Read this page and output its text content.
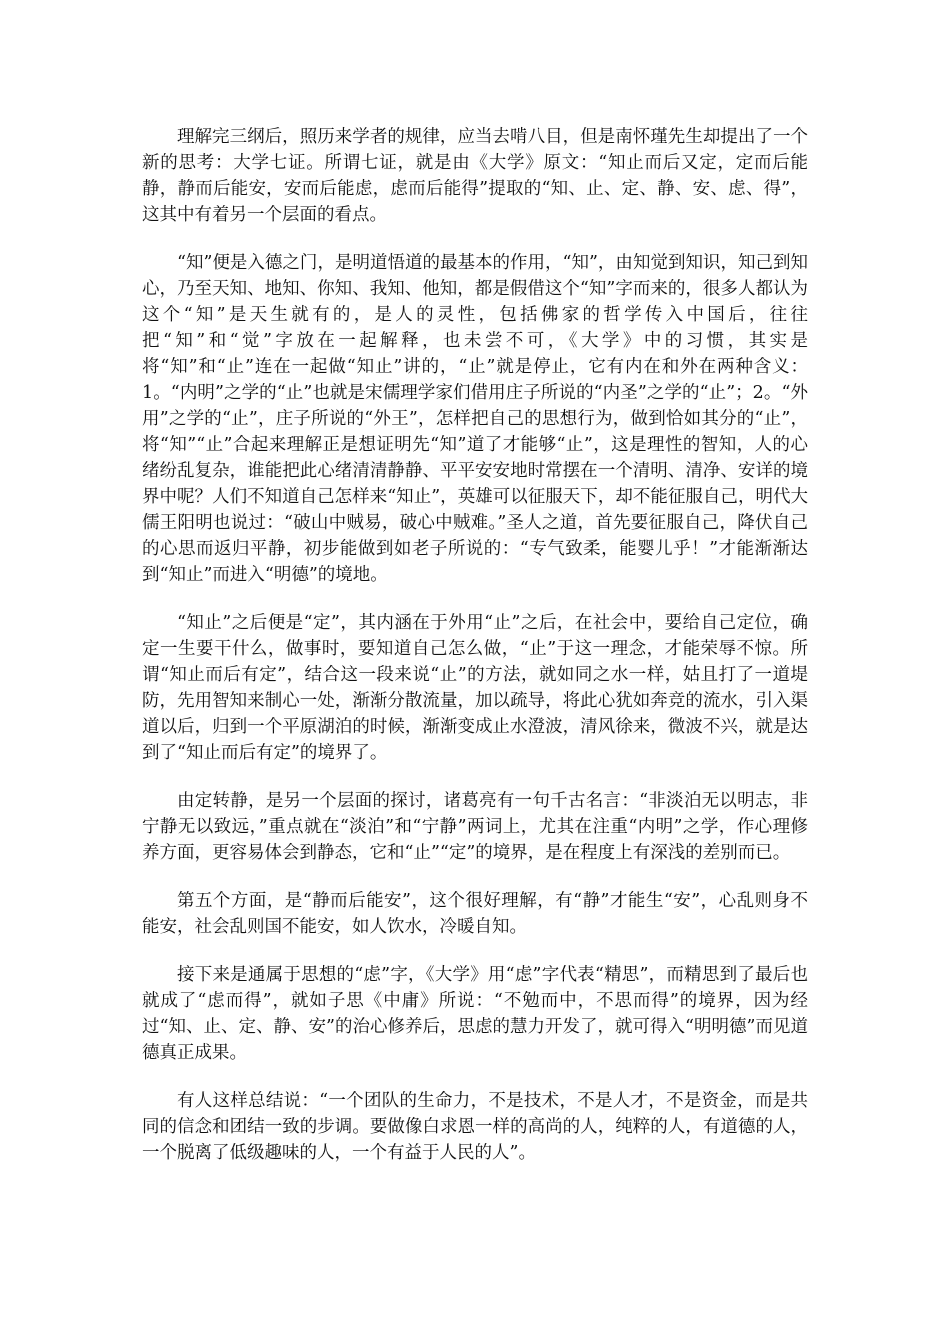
理解完三纲后，照历来学者的规律，应当去啃八目，但是南怀瑾先生却提出了一个新的思考：大学七证。所谓七证，就是由《大学》原文：“知止而后又定，定而后能静，静而后能安，安而后能虑，虑而后能得”提取的“知、止、定、静、安、虑、得”，这其中有着另一个层面的看点。

“知”便是入德之门，是明道悟道的最基本的作用，“知”，由知觉到知识，知己到知心，乃至天知、地知、你知、我知、他知，都是假借这个“知”字而来的，很多人都认为这个“知”是天生就有的，是人的灵性，包括佛家的哲学传入中国后，往往把“知”和“觉”字放在一起解释，也未尝不可，《大学》中的习惯，其实是将“知”和“止”连在一起做“知止”讲的，“止”就是停止，它有内在和外在两种含义：1。“内明”之学的“止”也就是宋儒理学家们借用庄子所说的“内圣”之学的“止”；2。“外用”之学的“止”，庄子所说的“外王”，怎样把自己的思想行为，做到恰如其分的“止”，将“知”“止”合起来理解正是想证明先“知”道了才能够“止”，这是理性的智知，人的心绪纷乱复杂，谁能把此心绪清清静静、平平安安地时常摆在一个清明、清净、安详的境界中呢？人们不知道自己怎样来“知止”，英雄可以征服天下，却不能征服自己，明代大儒王阳明也说过：“破山中贼易，破心中贼难。”圣人之道，首先要征服自己，降伏自己的心思而返归平静，初步能做到如老子所说的：“专气致柔，能婴儿乎！”才能渐渐达到“知止”而进入“明德”的境地。

“知止”之后便是“定”，其内涵在于外用“止”之后，在社会中，要给自己定位，确定一生要干什么，做事时，要知道自己怎么做，“止”于这一理念，才能荣辱不惊。所谓“知止而后有定”，结合这一段来说“止”的方法，就如同之水一样，姑且打了一道堤防，先用智知来制心一处，渐渐分散流量，加以疏导，将此心犹如奔竞的流水，引入渠道以后，归到一个平原湖泊的时候，渐渐变成止水澄波，清风徐来，微波不兴，就是达到了“知止而后有定”的境界了。

由定转静，是另一个层面的探讨，诸葛亮有一句千古名言：“非淡泊无以明志，非宁静无以致远，”重点就在“淡泊”和“宁静”两词上，尤其在注重“内明”之学，作心理修养方面，更容易体会到静态，它和“止”“定”的境界，是在程度上有深浅的差别而已。

第五个方面，是“静而后能安”，这个很好理解，有“静”才能生“安”，心乱则身不能安，社会乱则国不能安，如人饮水，冷暖自知。

接下来是通属于思想的“虑”字，《大学》用“虑”字代表“精思”，而精思到了最后也就成了“虑而得”，就如子思《中庸》所说：“不勉而中，不思而得”的境界，因为经过“知、止、定、静、安”的治心修养后，思虑的慧力开发了，就可得入“明明德”而见道德真正成果。

有人这样总结说：“一个团队的生命力，不是技术，不是人才，不是资金，而是共同的信念和团结一致的步调。要做像白求恩一样的高尚的人，纯粹的人，有道德的人，一个脱离了低级趣味的人，一个有益于人民的人”。
